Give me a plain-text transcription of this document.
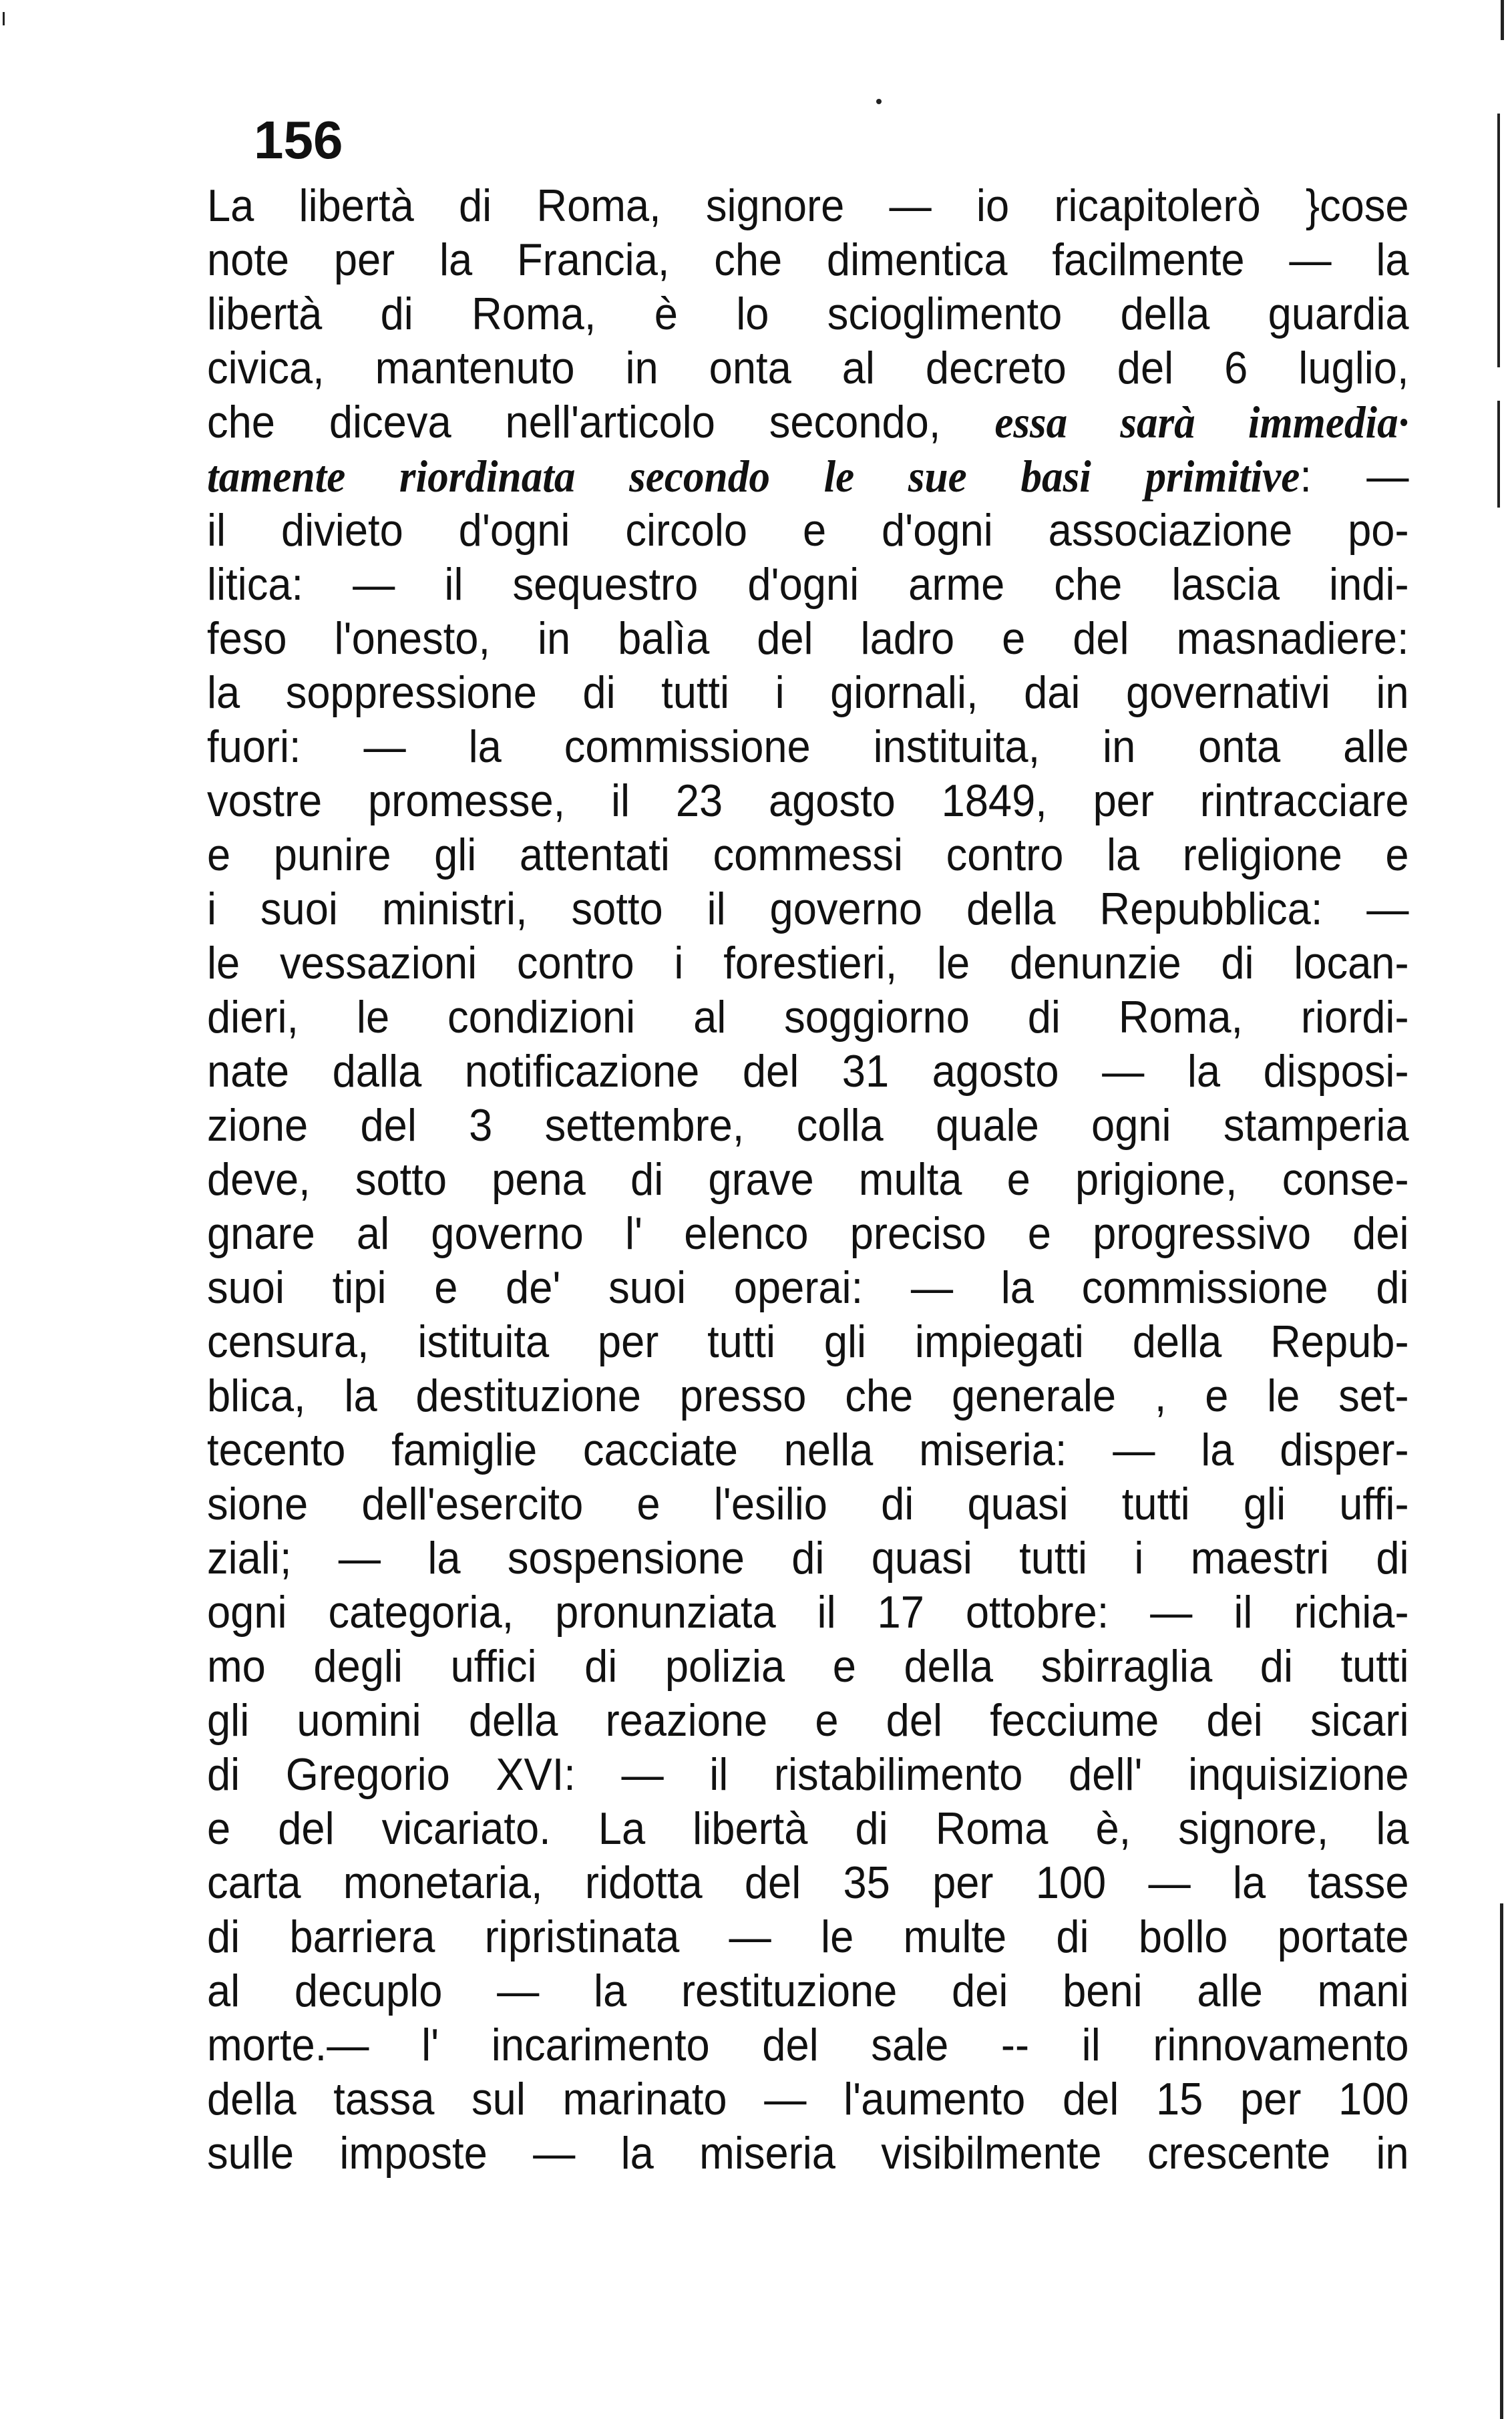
156
La libertà di Roma, signore — io ricapitolerò }cose
note per la Francia, che dimentica facilmente — la
libertà di Roma, è lo scioglimento della guardia
civica, mantenuto in onta al decreto del 6 luglio,
che diceva nell'articolo secondo, essa sarà immedia·
tamente riordinata secondo le sue basi primitive: —
il divieto d'ogni circolo e d'ogni associazione po-
litica: — il sequestro d'ogni arme che lascia indi-
feso l'onesto, in balìa del ladro e del masnadiere:
la soppressione di tutti i giornali, dai governativi in
fuori: — la commissione instituita, in onta alle
vostre promesse, il 23 agosto 1849, per rintracciare
e punire gli attentati commessi contro la religione e
i suoi ministri, sotto il governo della Repubblica: —
le vessazioni contro i forestieri, le denunzie di locan-
dieri, le condizioni al soggiorno di Roma, riordi-
nate dalla notificazione del 31 agosto — la disposi-
zione del 3 settembre, colla quale ogni stamperia
deve, sotto pena di grave multa e prigione, conse-
gnare al governo l' elenco preciso e progressivo dei
suoi tipi e de' suoi operai: — la commissione di
censura, istituita per tutti gli impiegati della Repub-
blica, la destituzione presso che generale , e le set-
tecento famiglie cacciate nella miseria: — la disper-
sione dell'esercito e l'esilio di quasi tutti gli uffi-
ziali; — la sospensione di quasi tutti i maestri di
ogni categoria, pronunziata il 17 ottobre: — il richia-
mo degli uffici di polizia e della sbirraglia di tutti
gli uomini della reazione e del fecciume dei sicari
di Gregorio XVI: — il ristabilimento dell' inquisizione
e del vicariato. La libertà di Roma è, signore, la
carta monetaria, ridotta del 35 per 100 — la tasse
di barriera ripristinata — le multe di bollo portate
al decuplo — la restituzione dei beni alle mani
morte.— l' incarimento del sale -- il rinnovamento
della tassa sul marinato — l'aumento del 15 per 100
sulle imposte — la miseria visibilmente crescente in
